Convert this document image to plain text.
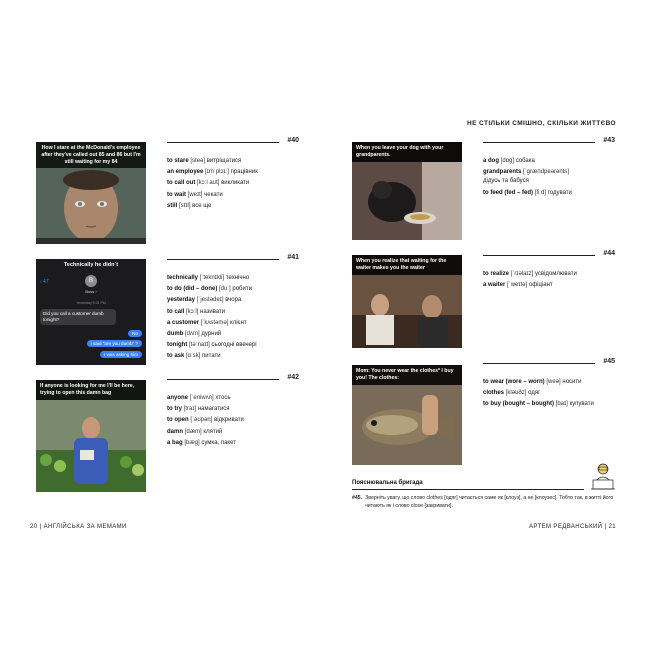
НЕ СТІЛЬКИ СМІШНО, СКІЛЬКИ ЖИТТЄВО
How I stare at the McDonald's employee after they've called out 85 and 86 but I'm still waiting for my 84
Technically he didn´t
B
Boss ›
‹ 47
Yesterday 5:24 PM
Did you call a customer dumb tonight?
No
I said "are you dumb" ?
I was asking him
If anyone is looking for me I'll be here, trying to open this damn bag
#40
to stare [steə] витріщатися
an employee [ɪmˈplɔɪː] працівник
to call out [kɔːl aʊt] викликати
to wait [weɪt] чекати
still [stɪl] все ще
#41
technically [ˈteknɪkli] технічно
to do (did – done) [duː] робити
yesterday [ˈjestədeɪ] вчора
to call [kɔːl] називати
a customer [ˈkʌstəmə] клієнт
dumb [dʌm] дурний
tonight [təˈnaɪt] сьогодні ввечері
to ask [ɑːsk] питати
#42
anyone [ˈeniwʌn] хтось
to try [traɪ] намагатися
to open [ˈəʊpən] відкривати
damn [dæm] клятий
a bag [bæg] сумка, пакет
20 | АНГЛІЙСЬКА ЗА МЕМАМИ
When you leave your dog with your grandparents.
When you realize that waiting for the waiter makes you the waiter
Mom: You never wear the clothes* I buy you! The clothes:
#43
a dog [dɒg] собака
grandparents [ˈgrændpeərənts]
дідусь та бабуся
to feed (fed – fed) [fiːd] годувати
#44
to realize [ˈrɪəlaɪz] усвідомлювати
a waiter [ˈweɪtə] офіціант
#45
to wear (wore – worn) [weə] носити
clothes [kləʊðz] одяг
to buy (bought – bought) [baɪ] купувати
Пояснювальна бригада
#45. Зверніть увагу, що слово clothes [одяг] читається саме як [клоуз], а не [клоузес]. Тобто так, в житті його читають як і слово close [закривати].
АРТЕМ РЕДВАНСЬКИЙ | 21
